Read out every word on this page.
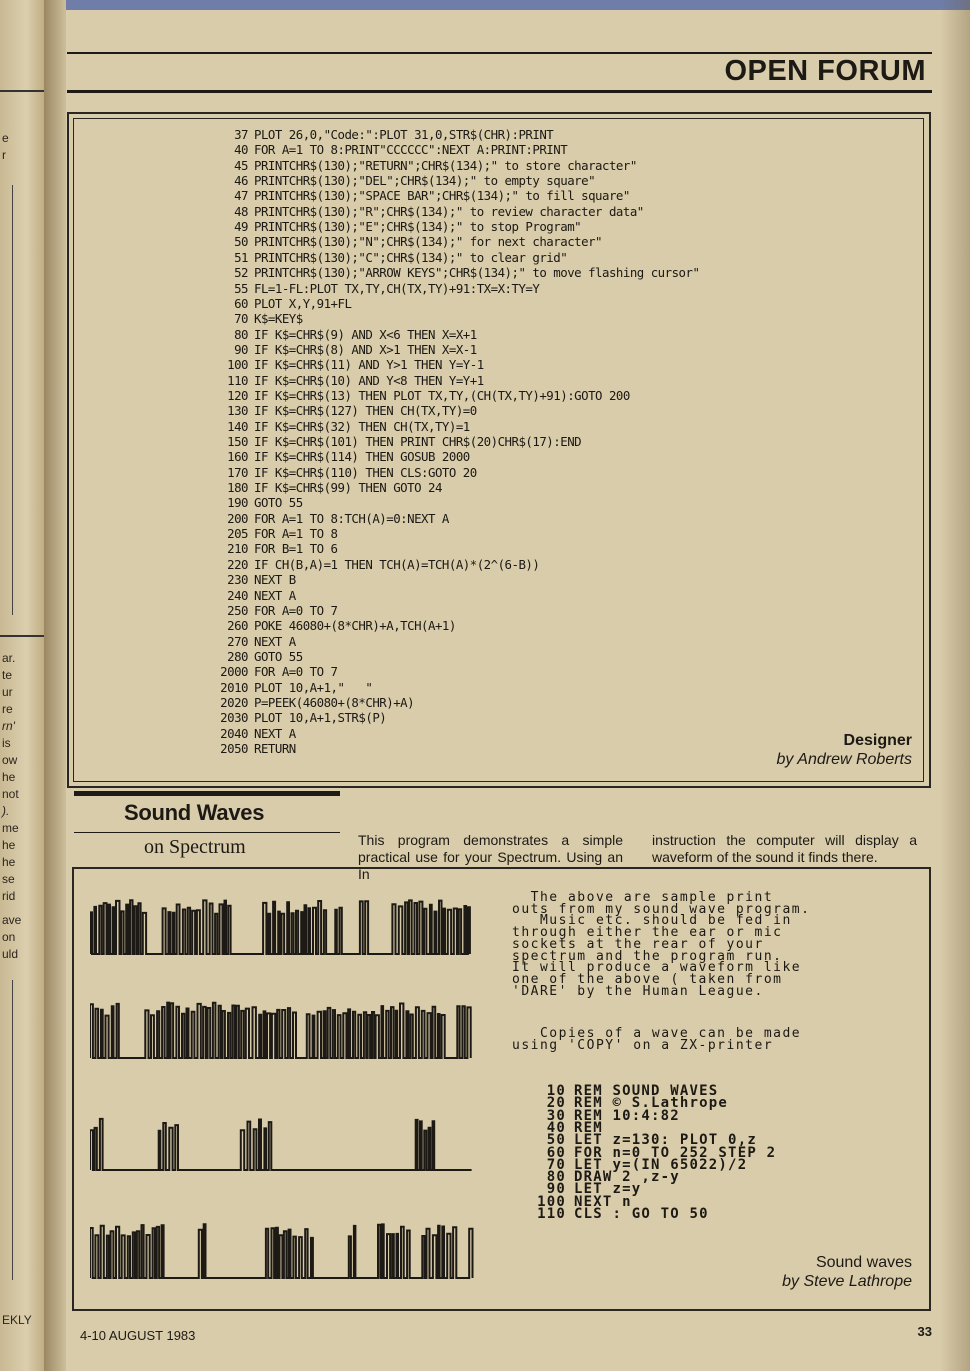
e
r
ar.
te
ur
re
rn'
is
ow
he
not
).
me
he
he
se
rid
ave
on
uld
EKLY
OPEN FORUM
37 PLOT 26,0,"Code:":PLOT 31,0,STR$(CHR):PRINT
40 FOR A=1 TO 8:PRINT"CCCCCC":NEXT A:PRINT:PRINT
45 PRINTCHR$(130);"RETURN";CHR$(134);" to store character"
46 PRINTCHR$(130);"DEL";CHR$(134);" to empty square"
47 PRINTCHR$(130);"SPACE BAR";CHR$(134);" to fill square"
48 PRINTCHR$(130);"R";CHR$(134);" to review character data"
49 PRINTCHR$(130);"E";CHR$(134);" to stop Program"
50 PRINTCHR$(130);"N";CHR$(134);" for next character"
51 PRINTCHR$(130);"C";CHR$(134);" to clear grid"
52 PRINTCHR$(130);"ARROW KEYS";CHR$(134);" to move flashing cursor"
55 FL=1-FL:PLOT TX,TY,CH(TX,TY)+91:TX=X:TY=Y
60 PLOT X,Y,91+FL
70 K$=KEY$
80 IF K$=CHR$(9) AND X<6 THEN X=X+1
90 IF K$=CHR$(8) AND X>1 THEN X=X-1
100 IF K$=CHR$(11) AND Y>1 THEN Y=Y-1
110 IF K$=CHR$(10) AND Y<8 THEN Y=Y+1
120 IF K$=CHR$(13) THEN PLOT TX,TY,(CH(TX,TY)+91):GOTO 200
130 IF K$=CHR$(127) THEN CH(TX,TY)=0
140 IF K$=CHR$(32) THEN CH(TX,TY)=1
150 IF K$=CHR$(101) THEN PRINT CHR$(20)CHR$(17):END
160 IF K$=CHR$(114) THEN GOSUB 2000
170 IF K$=CHR$(110) THEN CLS:GOTO 20
180 IF K$=CHR$(99) THEN GOTO 24
190 GOTO 55
200 FOR A=1 TO 8:TCH(A)=0:NEXT A
205 FOR A=1 TO 8
210 FOR B=1 TO 6
220 IF CH(B,A)=1 THEN TCH(A)=TCH(A)*(2^(6-B))
230 NEXT B
240 NEXT A
250 FOR A=0 TO 7
260 POKE 46080+(8*CHR)+A,TCH(A+1)
270 NEXT A
280 GOTO 55
2000 FOR A=0 TO 7
2010 PLOT 10,A+1,"   "
2020 P=PEEK(46080+(8*CHR)+A)
2030 PLOT 10,A+1,STR$(P)
2040 NEXT A
2050 RETURN	Designer
by Andrew Roberts
Sound Waves
on Spectrum	This program demonstrates a simple practical use for your Spectrum. Using an In
instruction the computer will display a waveform of the sound it finds there.
The above are sample print
outs from my sound wave program.
Music etc. should be fed in
through either the ear or mic
sockets at the rear of your
spectrum and the program run.
It will produce a waveform like
one of the above ( taken from
'DARE' by the Human League.
Copies of a wave can be made
using 'COPY' on a ZX-printer
10 REM SOUND WAVES
20 REM © S.Lathrope
30 REM 10:4:82
40 REM
50 LET z=130: PLOT 0,z
60 FOR n=0 TO 252 STEP 2
70 LET y=(IN 65022)/2
80 DRAW 2 ,z-y
90 LET z=y
100 NEXT n
110 CLS : GO TO 50
Sound waves
by Steve Lathrope
4-10 AUGUST 1983	33
